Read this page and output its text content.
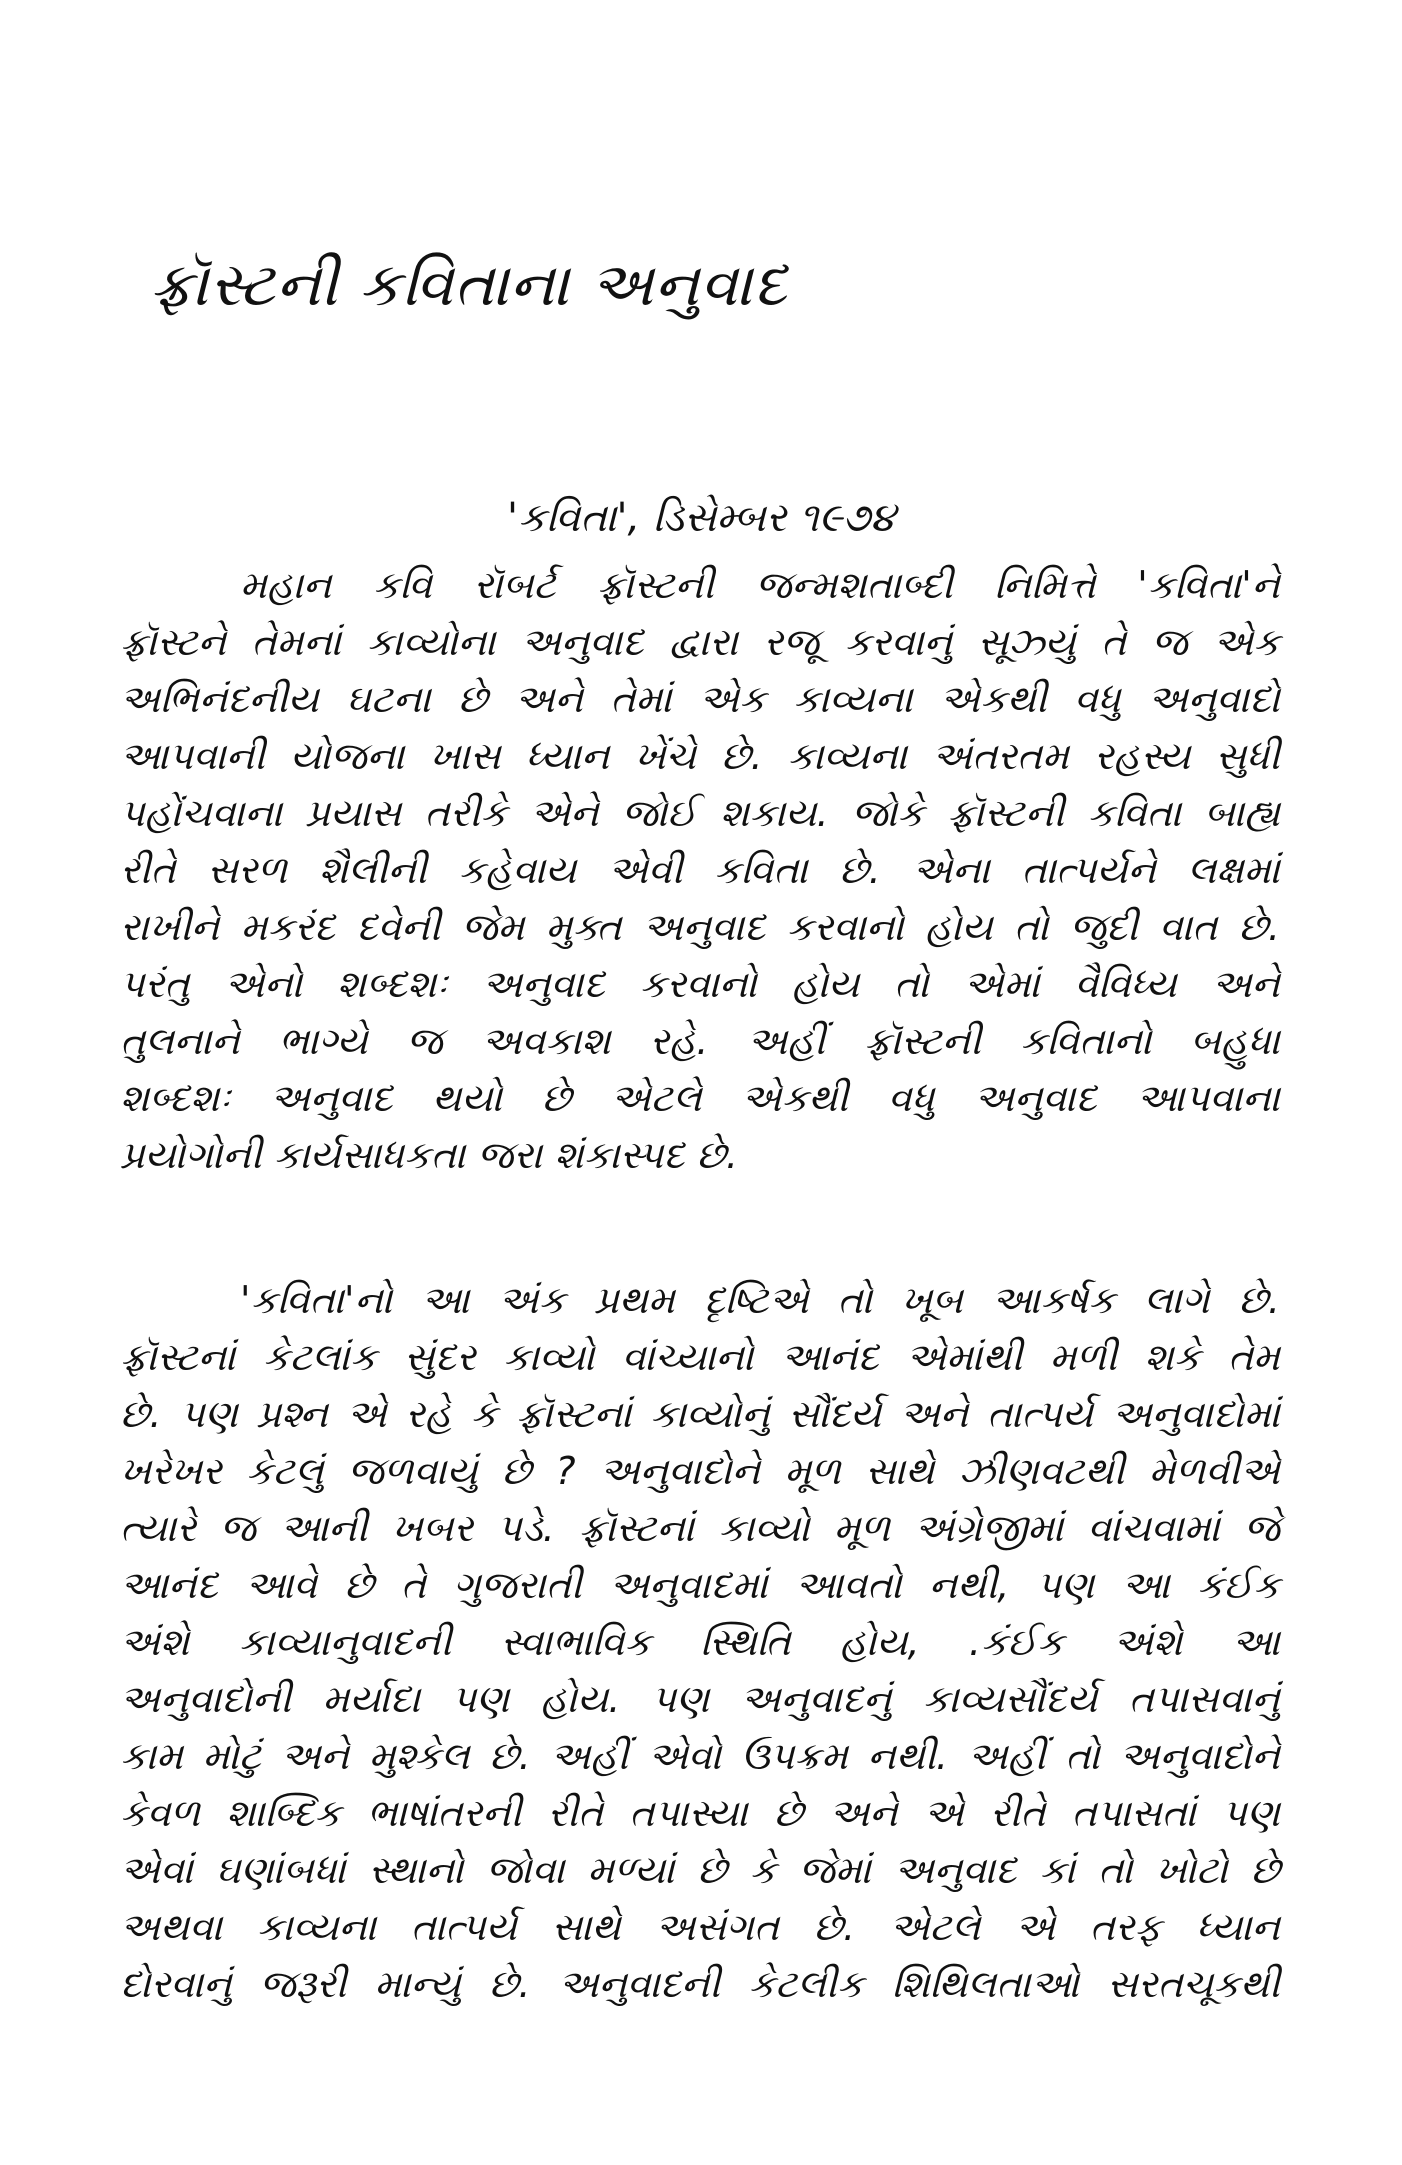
ફ્રૉસ્ટની કવિતાના અનુવાદ
'કવિતા', ડિસેમ્બર ૧૯૭૪
મહાન કવિ રૉબર્ટ ફ્રૉસ્ટની જન્મશતાબ્દી નિમિત્તે 'કવિતા'ને
ફ્રૉસ્ટને તેમનાં કાવ્યોના અનુવાદ દ્વારા રજૂ કરવાનું સૂઝ્યું તે જ એક
અભિનંદનીય ઘટના છે અને તેમાં એક કાવ્યના એકથી વધુ અનુવાદો
આપવાની યોજના ખાસ ધ્યાન ખેંચે છે. કાવ્યના અંતરતમ રહસ્ય સુધી
પહોંચવાના પ્રયાસ તરીકે એને જોઈ શકાય. જોકે ફ્રૉસ્ટની કવિતા બાહ્ય
રીતે સરળ શૈલીની કહેવાય એવી કવિતા છે. એના તાત્પર્યને લક્ષમાં
રાખીને મકરંદ દવેની જેમ મુક્ત અનુવાદ કરવાનો હોય તો જુદી વાત છે.
પરંતુ એનો શબ્દશઃ અનુવાદ કરવાનો હોય તો એમાં વૈવિધ્ય અને
તુલનાને ભાગ્યે જ અવકાશ રહે. અહીં ફ્રૉસ્ટની કવિતાનો બહુધા
શબ્દશઃ અનુવાદ થયો છે એટલે એકથી વધુ અનુવાદ આપવાના
પ્રયોગોની કાર્યસાધકતા જરા શંકાસ્પદ છે.
'કવિતા'નો આ અંક પ્રથમ દૃષ્ટિએ તો ખૂબ આકર્ષક લાગે છે.
ફ્રૉસ્ટનાં કેટલાંક સુંદર કાવ્યો વાંચ્યાનો આનંદ એમાંથી મળી શકે તેમ
છે. પણ પ્રશ્ન એ રહે કે ફ્રૉસ્ટનાં કાવ્યોનું સૌંદર્ય અને તાત્પર્ય અનુવાદોમાં
ખરેખર કેટલું જળવાયું છે ? અનુવાદોને મૂળ સાથે ઝીણવટથી મેળવીએ
ત્યારે જ આની ખબર પડે. ફ્રૉસ્ટનાં કાવ્યો મૂળ અંગ્રેજીમાં વાંચવામાં જે
આનંદ આવે છે તે ગુજરાતી અનુવાદમાં આવતો નથી, પણ આ કંઈક
અંશે કાવ્યાનુવાદની સ્વાભાવિક સ્થિતિ હોય, .કંઈક અંશે આ
અનુવાદોની મર્યાદા પણ હોય. પણ અનુવાદનું કાવ્યસૌંદર્ય તપાસવાનું
કામ મોટું અને મુશ્કેલ છે. અહીં એવો ઉપક્રમ નથી. અહીં તો અનુવાદોને
કેવળ શાબ્દિક ભાષાંતરની રીતે તપાસ્યા છે અને એ રીતે તપાસતાં પણ
એવાં ઘણાંબધાં સ્થાનો જોવા મળ્યાં છે કે જેમાં અનુવાદ કાં તો ખોટો છે
અથવા કાવ્યના તાત્પર્ય સાથે અસંગત છે. એટલે એ તરફ ધ્યાન
દોરવાનું જરૂરી માન્યું છે. અનુવાદની કેટલીક શિથિલતાઓ સરતચૂકથી
